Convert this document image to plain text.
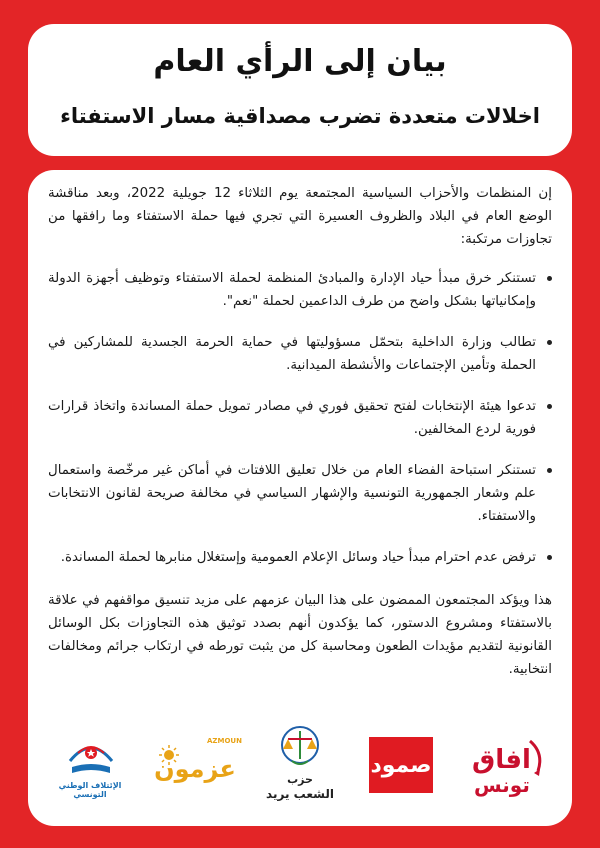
بيان إلى الرأي العام
اخلالات متعددة تضرب مصداقية مسار الاستفتاء

إن المنظمات والأحزاب السياسية المجتمعة يوم الثلاثاء 12 جويلية 2022، وبعد مناقشة الوضع العام في البلاد والظروف العسيرة التي تجري فيها حملة الاستفتاء وما رافقها من تجاوزات مرتكبة:

تستنكر خرق مبدأ حياد الإدارة والمبادئ المنظمة لحملة الاستفتاء وتوظيف أجهزة الدولة وإمكانياتها بشكل واضح من طرف الداعمين لحملة "نعم".
تطالب وزارة الداخلية بتحمّل مسؤوليتها في حماية الحرمة الجسدية للمشاركين في الحملة وتأمين الإجتماعات والأنشطة الميدانية.
تدعوا هيئة الإنتخابات لفتح تحقيق فوري في مصادر تمويل حملة المساندة واتخاذ قرارات فورية لردع المخالفين.
تستنكر استباحة الفضاء العام من خلال تعليق اللافتات في أماكن غير مرخّصة واستعمال علم وشعار الجمهورية التونسية والإشهار السياسي في مخالفة صريحة لقانون الانتخابات والاستفتاء.
ترفض عدم احترام مبدأ حياد وسائل الإعلام العمومية وإستغلال منابرها لحملة المساندة.

هذا ويؤكد المجتمعون الممضون على هذا البيان عزمهم على مزيد تنسيق مواقفهم في علاقة بالاستفتاء ومشروع الدستور، كما يؤكدون أنهم بصدد توثيق هذه التجاوزات بكل الوسائل القانونية لتقديم مؤيدات الطعون ومحاسبة كل من يثبت تورطه في ارتكاب جرائم ومخالفات انتخابية.

افاق
تونس
صمود
حزب
الشعب يريد
AZMOUN
عزمون
الإئتلاف الوطني التونسي
